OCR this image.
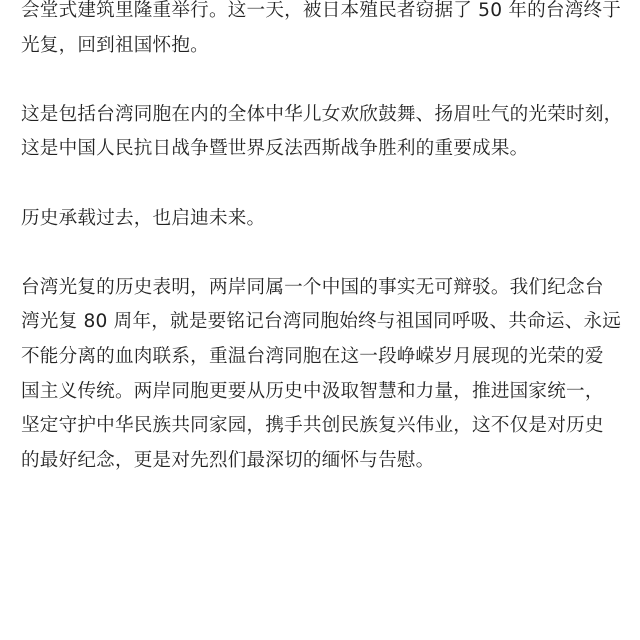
会堂式建筑里隆重举行。这一天，被日本殖民者窃据了 50 年的台湾终于
光复，回到祖国怀抱。

这是包括台湾同胞在内的全体中华儿女欢欣鼓舞、扬眉吐气的光荣时刻，
这是中国人民抗日战争暨世界反法西斯战争胜利的重要成果。

历史承载过去，也启迪未来。

台湾光复的历史表明，两岸同属一个中国的事实无可辩驳。我们纪念台
湾光复 80 周年，就是要铭记台湾同胞始终与祖国同呼吸、共命运、永远
不能分离的血肉联系，重温台湾同胞在这一段峥嵘岁月展现的光荣的爱
国主义传统。两岸同胞更要从历史中汲取智慧和力量，推进国家统一，
坚定守护中华民族共同家园，携手共创民族复兴伟业，这不仅是对历史
的最好纪念，更是对先烈们最深切的缅怀与告慰。
